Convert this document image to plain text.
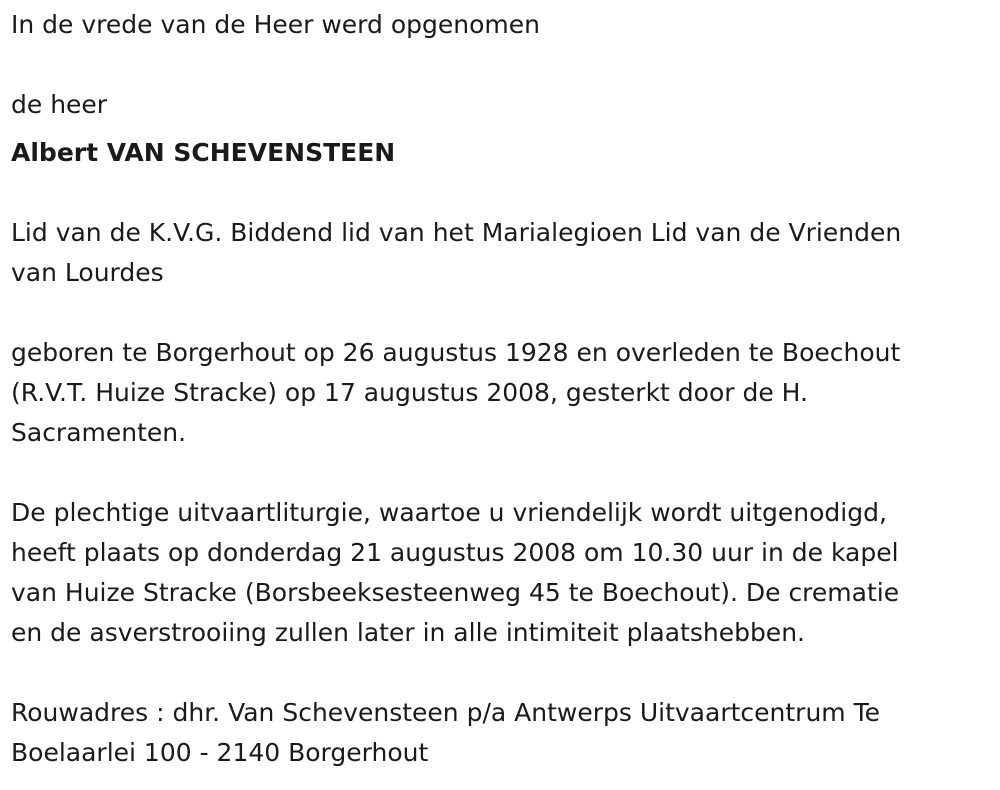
In de vrede van de Heer werd opgenomen

de heer

Albert VAN SCHEVENSTEEN

Lid van de K.V.G. Biddend lid van het Marialegioen Lid van de Vrienden

van Lourdes

geboren te Borgerhout op 26 augustus 1928 en overleden te Boechout

(R.V.T. Huize Stracke) op 17 augustus 2008, gesterkt door de H.

Sacramenten.

De plechtige uitvaartliturgie, waartoe u vriendelijk wordt uitgenodigd,

heeft plaats op donderdag 21 augustus 2008 om 10.30 uur in de kapel

van Huize Stracke (Borsbeeksesteenweg 45 te Boechout). De crematie

en de asverstrooiing zullen later in alle intimiteit plaatshebben.

Rouwadres : dhr. Van Schevensteen p/a Antwerps Uitvaartcentrum Te

Boelaarlei 100 - 2140 Borgerhout
